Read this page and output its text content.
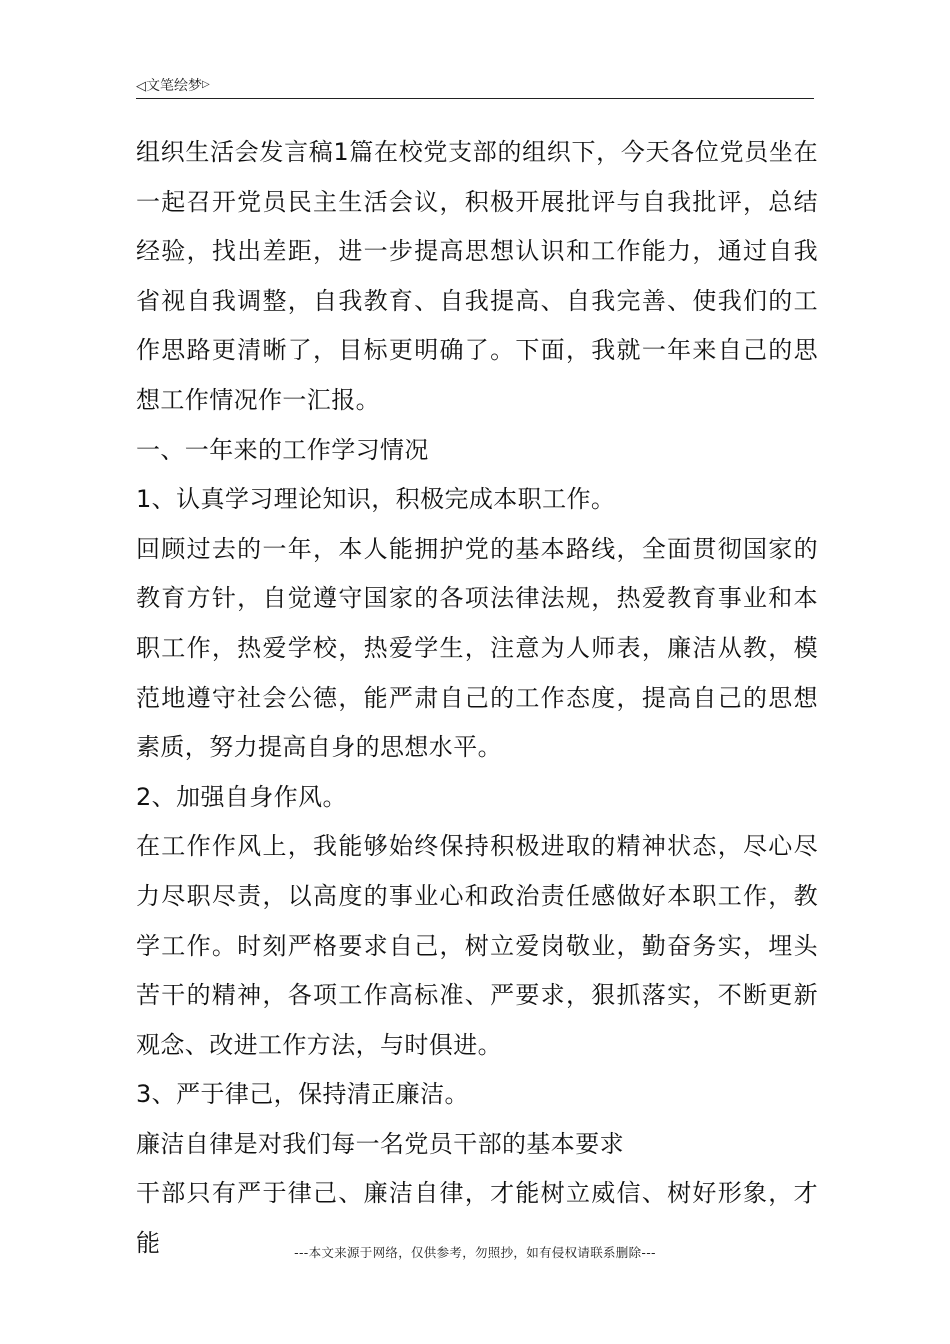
◁文笔绘梦▷

组织生活会发言稿1篇在校党支部的组织下，今天各位党员坐在一起召开党员民主生活会议，积极开展批评与自我批评，总结经验，找出差距，进一步提高思想认识和工作能力，通过自我省视自我调整，自我教育、自我提高、自我完善、使我们的工作思路更清晰了，目标更明确了。下面，我就一年来自己的思想工作情况作一汇报。

一、一年来的工作学习情况

1、认真学习理论知识，积极完成本职工作。

回顾过去的一年，本人能拥护党的基本路线，全面贯彻国家的教育方针，自觉遵守国家的各项法律法规，热爱教育事业和本职工作，热爱学校，热爱学生，注意为人师表，廉洁从教，模范地遵守社会公德，能严肃自己的工作态度，提高自己的思想素质，努力提高自身的思想水平。

2、加强自身作风。

在工作作风上，我能够始终保持积极进取的精神状态，尽心尽力尽职尽责，以高度的事业心和政治责任感做好本职工作，教学工作。时刻严格要求自己，树立爱岗敬业，勤奋务实，埋头苦干的精神，各项工作高标准、严要求，狠抓落实，不断更新观念、改进工作方法，与时俱进。

3、严于律己，保持清正廉洁。

廉洁自律是对我们每一名党员干部的基本要求

干部只有严于律己、廉洁自律，才能树立威信、树好形象，才能	---本文来源于网络，仅供参考，勿照抄，如有侵权请联系删除---
